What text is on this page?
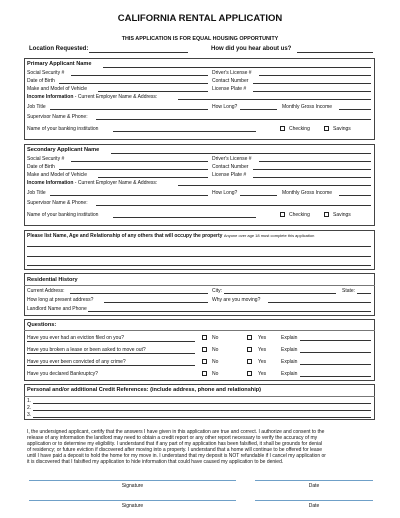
CALIFORNIA RENTAL APPLICATION
THIS APPLICATION IS FOR EQUAL HOUSING OPPORTUNITY
Location Requested:	How did you hear about us?
Primary Applicant Name
Social Security #	Driver's License #
Date of Birth	Contact Number
Make and Model of Vehicle	License Plate #
Income Information - Current Employer Name & Address:
Job Title	How Long?	Monthly Gross Income
Supervisor Name & Phone:
Name of your banking institution	Checking	Savings
Secondary Applicant Name
Social Security #	Driver's License #
Date of Birth	Contact Number
Make and Model of Vehicle	License Plate #
Income Information - Current Employer Name & Address:
Job Title	How Long?	Monthly Gross Income
Supervisor Name & Phone:
Name of your banking institution	Checking	Savings
Please list Name, Age and Relationship of any others that will occupy the property Anyone over age 18 must complete this application
Residential History
Current Address:	City:	State:
How long at present address?	Why are you moving?
Landlord Name and Phone
Questions:
Have you ever had an eviction filed on you?	No	Yes	Explain
Have you broken a lease or been asked to move out?	No	Yes	Explain
Have you ever been convicted of any crime?	No	Yes	Explain
Have you declared Bankruptcy?	No	Yes	Explain
Personal and/or additional Credit References: (include address, phone and relationship)
1.
2.
3.
I, the undersigned applicant, certify that the answers I have given in this application are true and correct. I authorize and consent to the
release of any information the landlord may need to obtain a credit report or any other report necessary to verify the accuracy of my
application or to determine my eligibility. I understand that if any part of my application has been falsified, it shall be grounds for denial
of residency; or future eviction if discovered after moving into a property. I understand that a home will continue to be offered for lease
until I have paid a deposit to hold the home for my move in. I understand that my deposit is NOT refundable if I cancel my application or
it is discovered that I falsified my application to hide information that could have caused my application to be denied.
Signature	Date
Signature	Date
